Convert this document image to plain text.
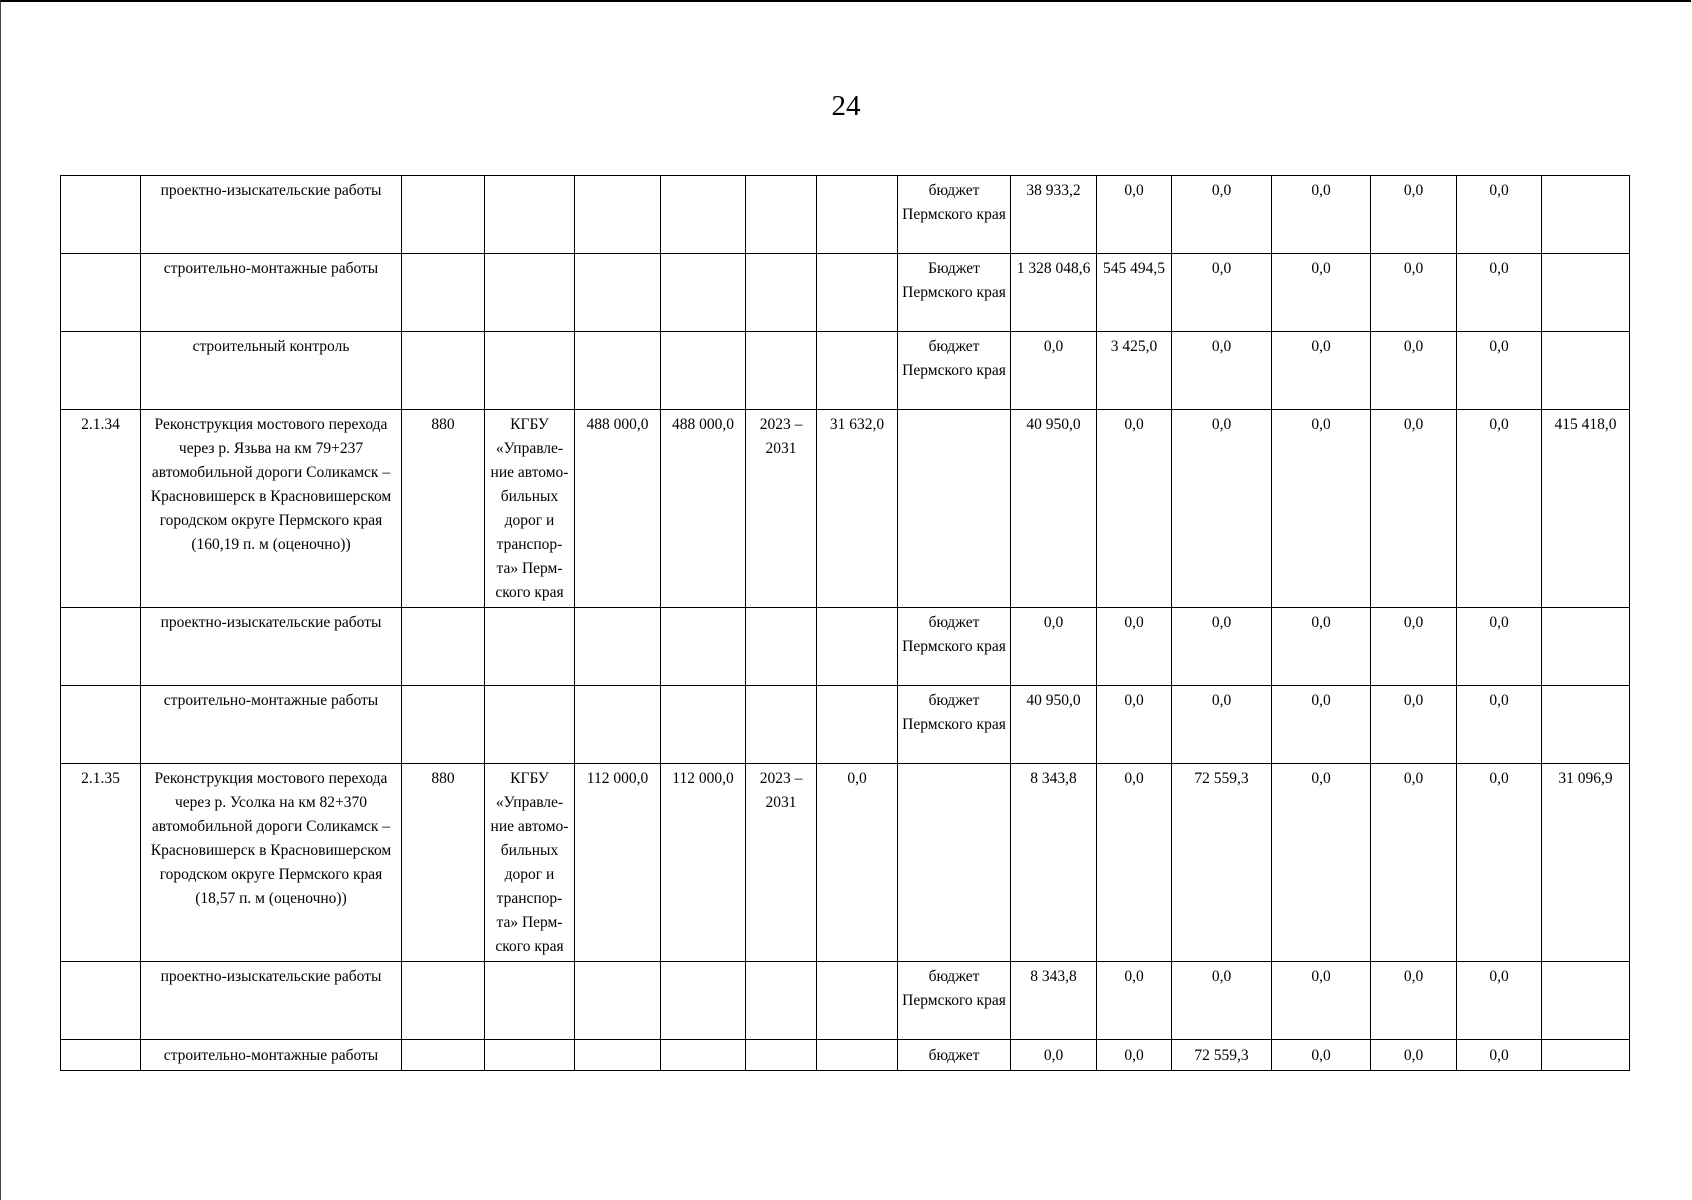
24
	проектно-изыскательские работы							бюджет Пермского края	38 933,2	0,0	0,0	0,0	0,0	0,0	
	строительно-монтажные работы							Бюджет Пермского края	1 328 048,6	545 494,5	0,0	0,0	0,0	0,0	
	строительный контроль							бюджет Пермского края	0,0	3 425,0	0,0	0,0	0,0	0,0	
2.1.34	Реконструкция мостового перехода через р. Язьва на км 79+237 автомобильной дороги Соликамск – Красновишерск в Красновишерском городском округе Пермского края (160,19 п. м (оценочно))	880	КГБУ «Управле-ние автомо-бильных дорог и транспор-та» Перм-ского края	488 000,0	488 000,0	2023 – 2031	31 632,0		40 950,0	0,0	0,0	0,0	0,0	0,0	415 418,0
	проектно-изыскательские работы							бюджет Пермского края	0,0	0,0	0,0	0,0	0,0	0,0	
	строительно-монтажные работы							бюджет Пермского края	40 950,0	0,0	0,0	0,0	0,0	0,0	
2.1.35	Реконструкция мостового перехода через р. Усолка на км 82+370 автомобильной дороги Соликамск – Красновишерск в Красновишерском городском округе Пермского края (18,57 п. м (оценочно))	880	КГБУ «Управле-ние автомо-бильных дорог и транспор-та» Перм-ского края	112 000,0	112 000,0	2023 – 2031	0,0		8 343,8	0,0	72 559,3	0,0	0,0	0,0	31 096,9
	проектно-изыскательские работы							бюджет Пермского края	8 343,8	0,0	0,0	0,0	0,0	0,0	
	строительно-монтажные работы							бюджет	0,0	0,0	72 559,3	0,0	0,0	0,0	
